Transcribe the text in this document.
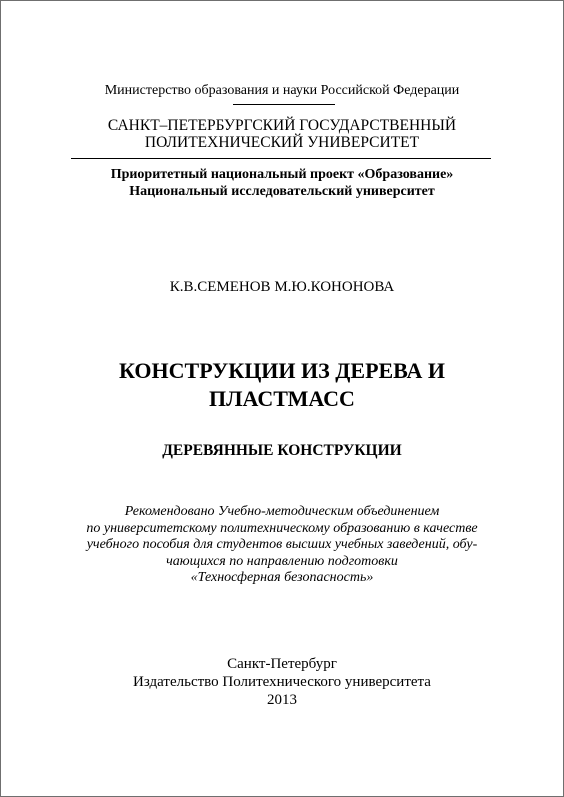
Министерство образования и науки Российской Федерации
САНКТ–ПЕТЕРБУРГСКИЙ ГОСУДАРСТВЕННЫЙ
ПОЛИТЕХНИЧЕСКИЙ УНИВЕРСИТЕТ
Приоритетный национальный проект «Образование»
Национальный исследовательский университет
К.В.СЕМЕНОВ М.Ю.КОНОНОВА
КОНСТРУКЦИИ ИЗ ДЕРЕВА И
ПЛАСТМАСС
ДЕРЕВЯННЫЕ КОНСТРУКЦИИ
Рекомендовано Учебно-методическим объединением
по университетскому политехническому образованию в качестве
учебного пособия для студентов высших учебных заведений, обу-
чающихся по направлению подготовки
«Техносферная безопасность»
Санкт-Петербург
Издательство Политехнического университета
2013
